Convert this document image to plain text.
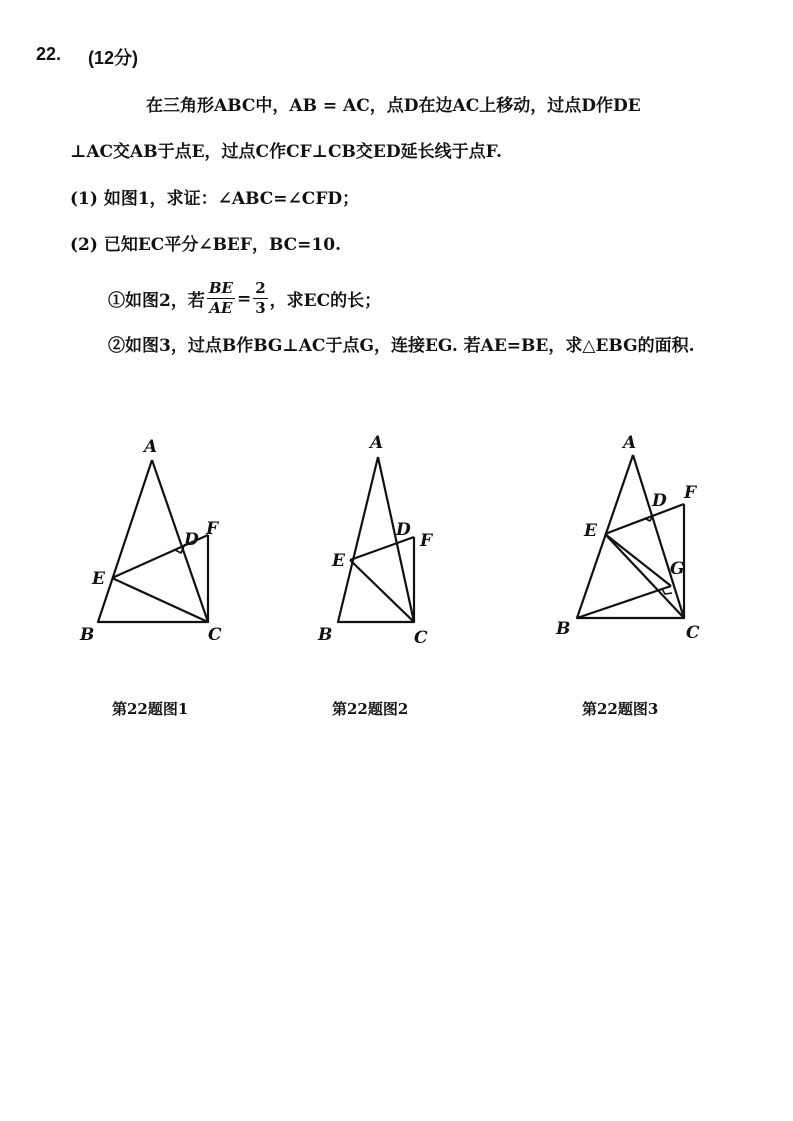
22. (12分)
在三角形ABC中，AB = AC，点D在边AC上移动，过点D作DE
⊥AC交AB于点E，过点C作CF⊥CB交ED延长线于点F.
(1) 如图1，求证：∠ABC=∠CFD；
(2) 已知EC平分∠BEF，BC=10.
①如图2，若 $\frac{BE}{AE} = \frac{2}{3}$ ，求EC的长；
②如图3，过点B作BG⊥AC于点G，连接EG. 若AE=BE，求△EBG的面积.
A
B	C
D
E
F
A
B	C
D
E
F
A
B	C
D
E
F
G
第22题图1	第22题图2	第22题图3
